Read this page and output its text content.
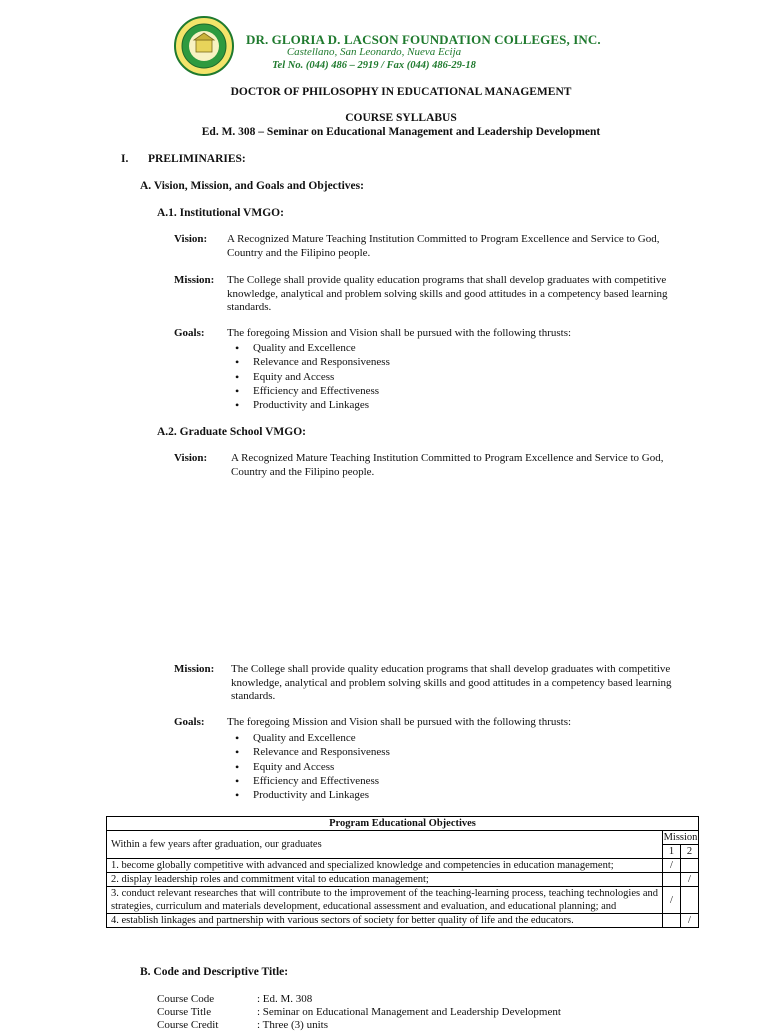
DR. GLORIA D. LACSON FOUNDATION COLLEGES, INC.
Castellano, San Leonardo, Nueva Ecija
Tel No. (044) 486 – 2919 / Fax (044) 486-29-18
DOCTOR OF PHILOSOPHY IN EDUCATIONAL MANAGEMENT
COURSE SYLLABUS
Ed. M. 308 – Seminar on Educational Management and Leadership Development
I. PRELIMINARIES:
A. Vision, Mission, and Goals and Objectives:
A.1. Institutional VMGO:
Vision: A Recognized Mature Teaching Institution Committed to Program Excellence and Service to God, Country and the Filipino people.
Mission: The College shall provide quality education programs that shall develop graduates with competitive knowledge, analytical and problem solving skills and good attitudes in a competency based learning standards.
Goals: The foregoing Mission and Vision shall be pursued with the following thrusts:
• Quality and Excellence
• Relevance and Responsiveness
• Equity and Access
• Efficiency and Effectiveness
• Productivity and Linkages
A.2. Graduate School VMGO:
Vision: A Recognized Mature Teaching Institution Committed to Program Excellence and Service to God, Country and the Filipino people.
Mission: The College shall provide quality education programs that shall develop graduates with competitive knowledge, analytical and problem solving skills and good attitudes in a competency based learning standards.
Goals: The foregoing Mission and Vision shall be pursued with the following thrusts:
• Quality and Excellence
• Relevance and Responsiveness
• Equity and Access
• Efficiency and Effectiveness
• Productivity and Linkages
Program Educational Objectives		
Within a few years after graduation, our graduates	Mission	
	1	2
1. become globally competitive with advanced and specialized knowledge and competencies in education management;	/	
2. display leadership roles and commitment vital to education management;		/
3. conduct relevant researches that will contribute to the improvement of the teaching-learning process, teaching technologies and strategies, curriculum and materials development, educational assessment and evaluation, and educational planning; and	/	
4. establish linkages and partnership with various sectors of society for better quality of life and the educators.		/
B. Code and Descriptive Title:
Course Code	: Ed. M. 308
Course Title	: Seminar on Educational Management and Leadership Development
Course Credit	: Three (3) units
